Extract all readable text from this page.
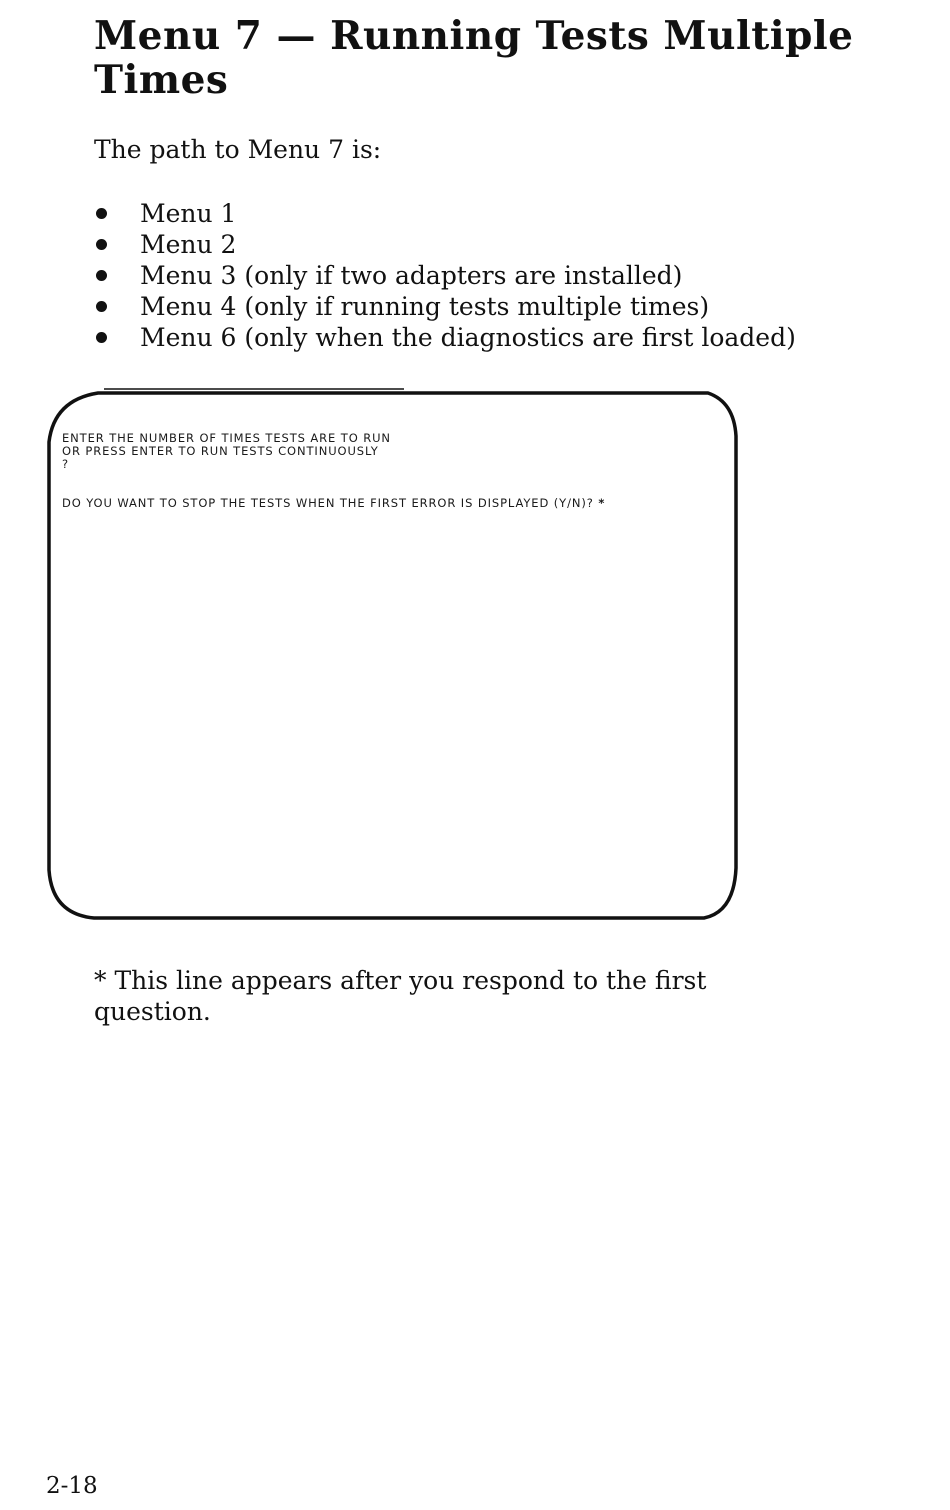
Menu 7 — Running Tests Multiple Times

The path to Menu 7 is:

Menu 1
Menu 2
Menu 3 (only if two adapters are installed)
Menu 4 (only if running tests multiple times)
Menu 6 (only when the diagnostics are first loaded)
ENTER THE NUMBER OF TIMES TESTS ARE TO RUN
OR PRESS ENTER TO RUN TESTS CONTINUOUSLY
?
DO YOU WANT TO STOP THE TESTS WHEN THE FIRST ERROR IS DISPLAYED (Y/N)? *

* This line appears after you respond to the first question.

2-18
